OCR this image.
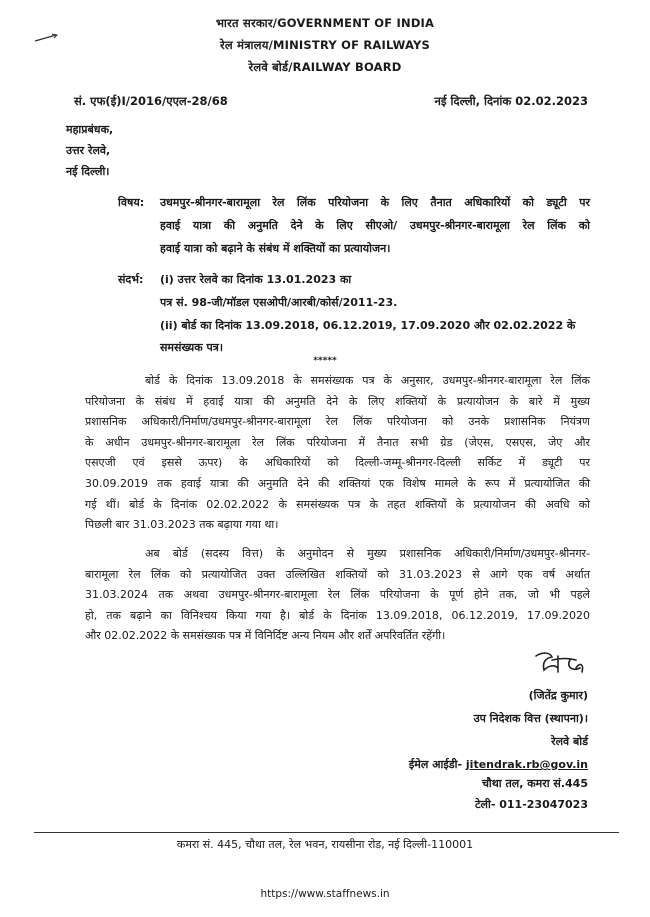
भारत सरकार/GOVERNMENT OF INDIA
रेल मंत्रालय/MINISTRY OF RAILWAYS
रेलवे बोर्ड/RAILWAY BOARD
सं. एफ(ई)I/2016/एएल-28/68	नई दिल्ली, दिनांक 02.02.2023
महाप्रबंधक,
उत्तर रेलवे,
नई दिल्ली।
विषय: उधमपुर-श्रीनगर-बारामूला रेल लिंक परियोजना के लिए तैनात अधिकारियों को ड्यूटी पर
हवाई यात्रा की अनुमति देने के लिए सीएओ/ उधमपुर-श्रीनगर-बारामूला रेल लिंक को
हवाई यात्रा को बढ़ाने के संबंध में शक्तियों का प्रत्यायोजन।
संदर्भ: (i) उत्तर रेलवे का दिनांक 13.01.2023 का
पत्र सं. 98-जी/मॉडल एसओपी/आरबी/कोर्स/2011-23.
(ii) बोर्ड का दिनांक 13.09.2018, 06.12.2019, 17.09.2020 और 02.02.2022 के
समसंख्यक पत्र।
*****
बोर्ड के दिनांक 13.09.2018 के समसंख्यक पत्र के अनुसार, उधमपुर-श्रीनगर-बारामूला रेल लिंक
परियोजना के संबंध में हवाई यात्रा की अनुमति देने के लिए शक्तियों के प्रत्यायोजन के बारे में मुख्य
प्रशासनिक अधिकारी/निर्माण/उधमपुर-श्रीनगर-बारामूला रेल लिंक परियोजना को उनके प्रशासनिक नियंत्रण
के अधीन उधमपुर-श्रीनगर-बारामूला रेल लिंक परियोजना में तैनात सभी ग्रेड (जेएस, एसएस, जेए और
एसएजी एवं इससे ऊपर) के अधिकारियों को दिल्ली-जम्मू-श्रीनगर-दिल्ली सर्किट में ड्यूटी पर
30.09.2019 तक हवाई यात्रा की अनुमति देने की शक्तियां एक विशेष मामले के रूप में प्रत्यायोजित की
गई थीं। बोर्ड के दिनांक 02.02.2022 के समसंख्यक पत्र के तहत शक्तियों के प्रत्यायोजन की अवधि को
पिछली बार 31.03.2023 तक बढ़ाया गया था।
अब बोर्ड (सदस्य वित्त) के अनुमोदन से मुख्य प्रशासनिक अधिकारी/निर्माण/उधमपुर-श्रीनगर-
बारामूला रेल लिंक को प्रत्यायोजित उक्त उल्लिखित शक्तियों को 31.03.2023 से आगे एक वर्ष अर्थात
31.03.2024 तक अथवा उधमपुर-श्रीनगर-बारामूला रेल लिंक परियोजना के पूर्ण होने तक, जो भी पहले
हो, तक बढ़ाने का विनिश्चय किया गया है। बोर्ड के दिनांक 13.09.2018, 06.12.2019, 17.09.2020
और 02.02.2022 के समसंख्यक पत्र में विनिर्दिष्ट अन्य नियम और शर्तें अपरिवर्तित रहेंगी।
(जितेंद्र कुमार)
उप निदेशक वित्त (स्थापना)।
रेलवे बोर्ड
ईमेल आईडी- jitendrak.rb@gov.in
चौथा तल, कमरा सं.445
टेली- 011-23047023
कमरा सं. 445, चौथा तल, रेल भवन, रायसीना रोड, नई दिल्ली-110001
https://www.staffnews.in
